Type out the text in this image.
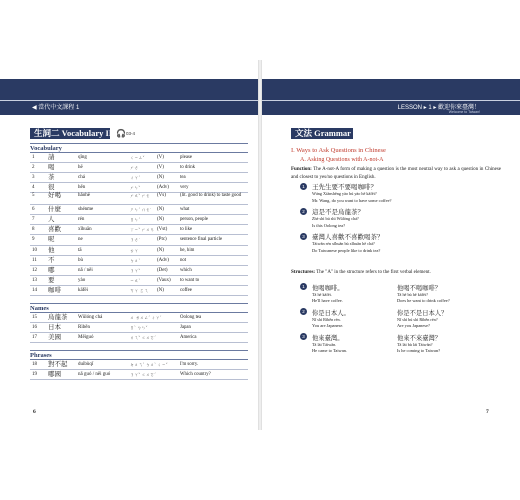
◀ 當代中文課程 1	LESSON ▸ 1 ▸ 歡迎你來臺灣！
Welcome to Taiwan!
生詞二 Vocabulary II 🎧 03-4
Vocabulary
1 請	qǐng	ㄑㄧㄥˇ (V)	please
2 喝	hē	ㄏㄜ	(V)	to drink
3 茶	chá	ㄔㄚˊ	(N)	tea
4 很	hěn	ㄏㄣˇ	(Adv) very
5 好喝	hǎohē	ㄏㄠˇ ㄏㄜ (Vs)	(lit. good to drink) to taste good
6 什麼	shénme	ㄕㄣˊ ㄇㄜ˙ (N)	what
7 人	rén	ㄖㄣˊ	(N)	person, people
8 喜歡	xǐhuān	ㄒㄧˇ ㄏㄨㄢ (Vst)	to like
9 呢	ne	ㄋㄜ˙	(Ptc)	sentence final particle
10 他	tā	ㄊㄚ	(N)	he, him
11 不	bù	ㄅㄨˋ	(Adv) not
12 哪	nǎ / něi	ㄋㄚˇ	(Det)	which
13 要	yào	ㄧㄠˋ	(Vaux) to want to
14 咖啡	kāfēi	ㄎㄚ ㄈㄟ (N)	coffee
Names
15 烏龍茶 Wūlóng chá	ㄨ ㄌㄨㄥˊ ㄔㄚˊ	Oolong tea
16 日本	Rìběn	ㄖˋ ㄅㄣˇ	Japan
17 美國	Měiguó	ㄇㄟˇ ㄍㄨㄛˊ	America
Phrases
18 對不起 duìbùqǐ	ㄉㄨㄟˋ ㄅㄨˋ ㄑㄧˇ	I'm sorry.
19 哪國	nǎ guó / něi guó	ㄋㄚˇ ㄍㄨㄛˊ	Which country?
6
文法 Grammar
I. Ways to Ask Questions in Chinese
A. Asking Questions with A-not-A
Function: The A-not-A form of making a question is the most neutral way to ask a question in Chinese and closest to yes/no questions in English.
1	王先生要不要喝咖啡？
Wáng Xiānshēng yào bú yào hē kāfēi?
Mr. Wang, do you want to have some coffee?
2	這是不是烏龍茶？
Zhè shì bú shì Wūlóng chá?
Is this Oolong tea?
3	臺灣人喜歡不喜歡喝茶？
Táiwān rén xǐhuān bù xǐhuān hē chá?
Do Taiwanese people like to drink tea?
Structures: The "A" in the structure refers to the first verbal element.
1	他喝咖啡。
Tā hē kāfēi.
He'll have coffee.
他喝不喝咖啡？
Tā hē bù hē kāfēi?
Does he want to drink coffee?
2	你是日本人。
Nǐ shì Rìběn rén.
You are Japanese.
你是不是日本人？
Nǐ shì bú shì Rìběn rén?
Are you Japanese?
3	他來臺灣。
Tā lái Táiwān.
He came to Taiwan.
他來不來臺灣？
Tā lái bù lái Táiwān?
Is he coming to Taiwan?
7
